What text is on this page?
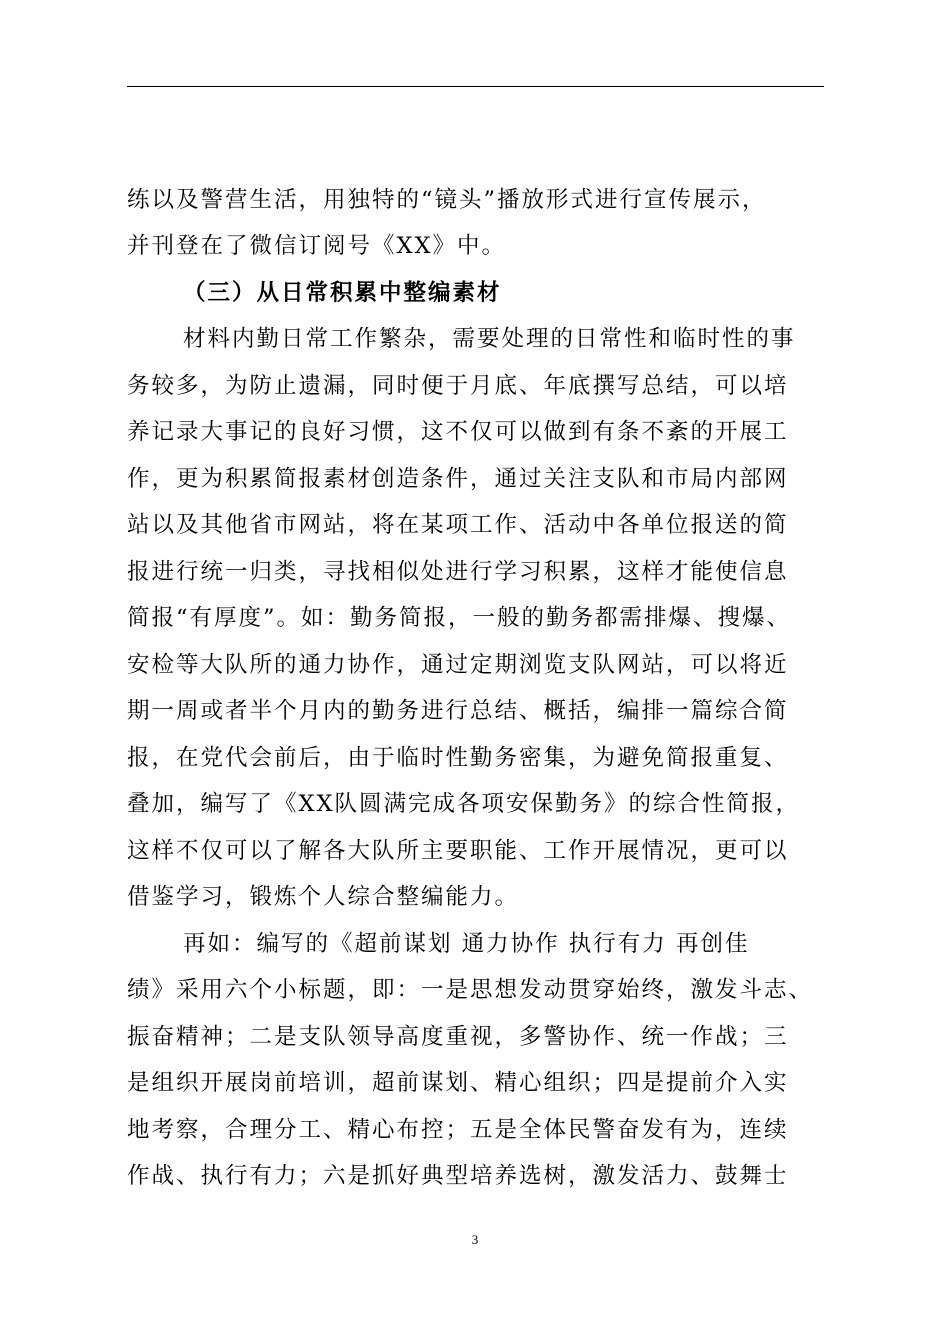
练以及警营生活，用独特的“镜头”播放形式进行宣传展示，
并刊登在了微信订阅号《XX》中。
（三）从日常积累中整编素材
材料内勤日常工作繁杂，需要处理的日常性和临时性的事
务较多，为防止遗漏，同时便于月底、年底撰写总结，可以培
养记录大事记的良好习惯，这不仅可以做到有条不紊的开展工
作，更为积累简报素材创造条件，通过关注支队和市局内部网
站以及其他省市网站，将在某项工作、活动中各单位报送的简
报进行统一归类，寻找相似处进行学习积累，这样才能使信息
简报“有厚度”。如：勤务简报，一般的勤务都需排爆、搜爆、
安检等大队所的通力协作，通过定期浏览支队网站，可以将近
期一周或者半个月内的勤务进行总结、概括，编排一篇综合简
报，在党代会前后，由于临时性勤务密集，为避免简报重复、
叠加，编写了《XX队圆满完成各项安保勤务》的综合性简报，
这样不仅可以了解各大队所主要职能、工作开展情况，更可以
借鉴学习，锻炼个人综合整编能力。
再如：编写的《超前谋划 通力协作 执行有力 再创佳
绩》采用六个小标题，即：一是思想发动贯穿始终，激发斗志、
振奋精神；二是支队领导高度重视，多警协作、统一作战；三
是组织开展岗前培训，超前谋划、精心组织；四是提前介入实
地考察，合理分工、精心布控；五是全体民警奋发有为，连续
作战、执行有力；六是抓好典型培养选树，激发活力、鼓舞士
3
